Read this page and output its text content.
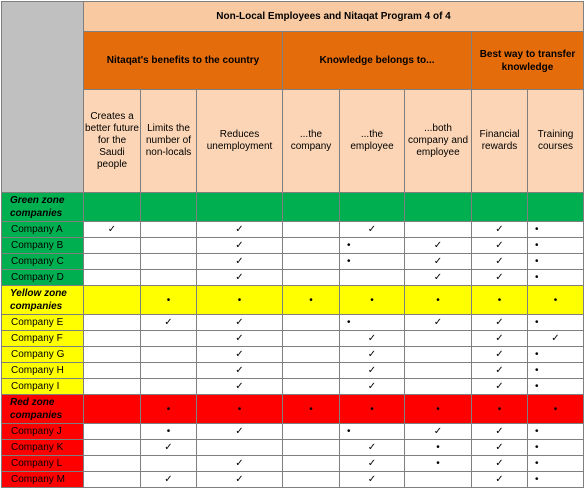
	Non-Local Employees and Nitaqat Program 4 of 4							
	Nitaqat's benefits to the country			Knowledge belongs to...			Best way to transfer knowledge	
	Creates a better future for the Saudi people	Limits the number of non-locals	Reduces unemployment	...the company	...the employee	...both company and employee	Financial rewards	Training courses
Green zone companies								
Company A	✓		✓		✓		✓	•
Company B			✓		•	✓	✓	•
Company C			✓		•	✓	✓	•
Company D			✓			✓	✓	•
Yellow zone companies		•	•	•	•	•	•	•
Company E		✓	✓		•	✓	✓	•
Company F			✓		✓		✓	✓
Company G			✓		✓		✓	•
Company H			✓		✓		✓	•
Company I			✓		✓		✓	•
Red zone companies		•	•	•	•	•	•	•
Company J		•	✓		•	✓	✓	•
Company K		✓			✓	•	✓	•
Company L			✓		✓	•	✓	•
Company M		✓	✓		✓		✓	•
